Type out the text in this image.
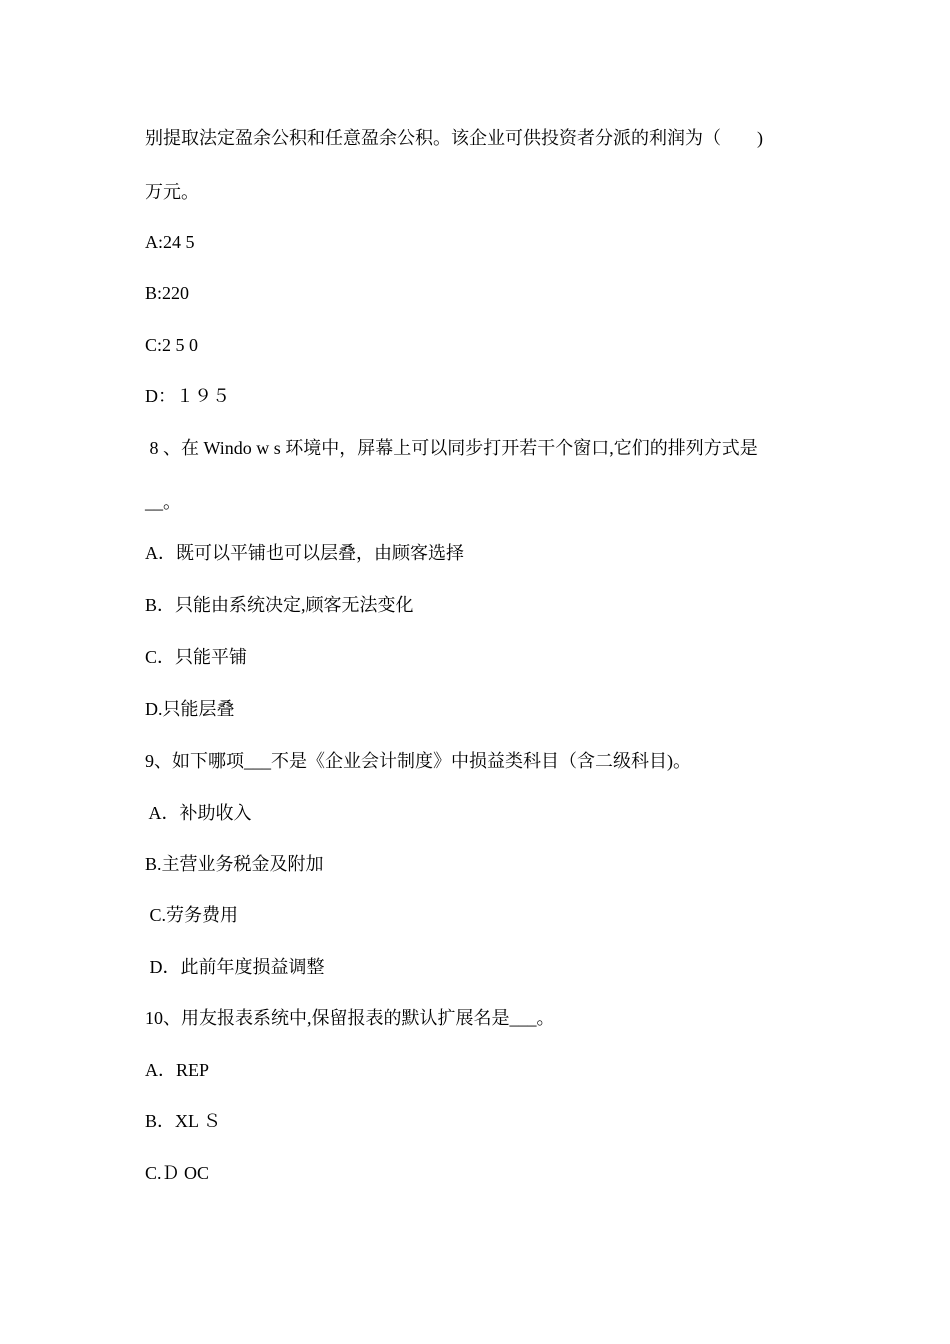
别提取法定盈余公积和任意盈余公积。该企业可供投资者分派的利润为（　　)
万元。
A:24 5
B:220
C:2 5 0
D：１９５
8 、在 Windo w s 环境中，屏幕上可以同步打开若干个窗口,它们的排列方式是
__。
A．既可以平铺也可以层叠，由顾客选择
B．只能由系统决定,顾客无法变化
C．只能平铺
D.只能层叠
9、如下哪项___不是《企业会计制度》中损益类科目（含二级科目)。
A．补助收入
B.主营业务税金及附加
C.劳务费用
D．此前年度损益调整
10、用友报表系统中,保留报表的默认扩展名是___。
A．REP
B．XL Ｓ
C.Ｄ OC
